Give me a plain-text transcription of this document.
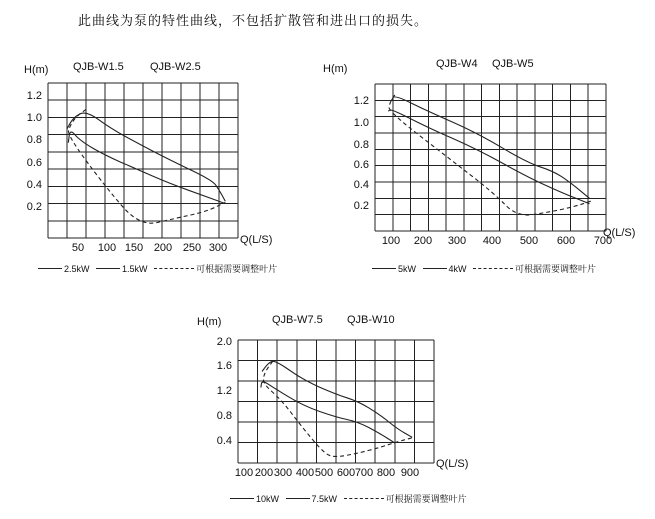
此曲线为泵的特性曲线，不包括扩散管和进出口的损失。
50 100 150 200 250 300
1.2
1.0
0.8
0.6
0.4
0.2
H(m)
Q(L/S)
QJB-W1.5 QJB-W2.5
100 200 300 400 500 600 700
1.2
1.0
0.8
0.6
0.4
0.2
H(m)
Q(L/S)
QJB-W4 QJB-W5
100 200 300 400 500 600 700 800 900
2.0
1.6
1.2
0.8
0.4
H(m)
Q(L/S)
QJB-W7.5 QJB-W10
2.5kW	1.5kW	可根据需要调整叶片	5kW	4kW	可根据需要调整叶片
10kW	7.5kW	可根据需要调整叶片
